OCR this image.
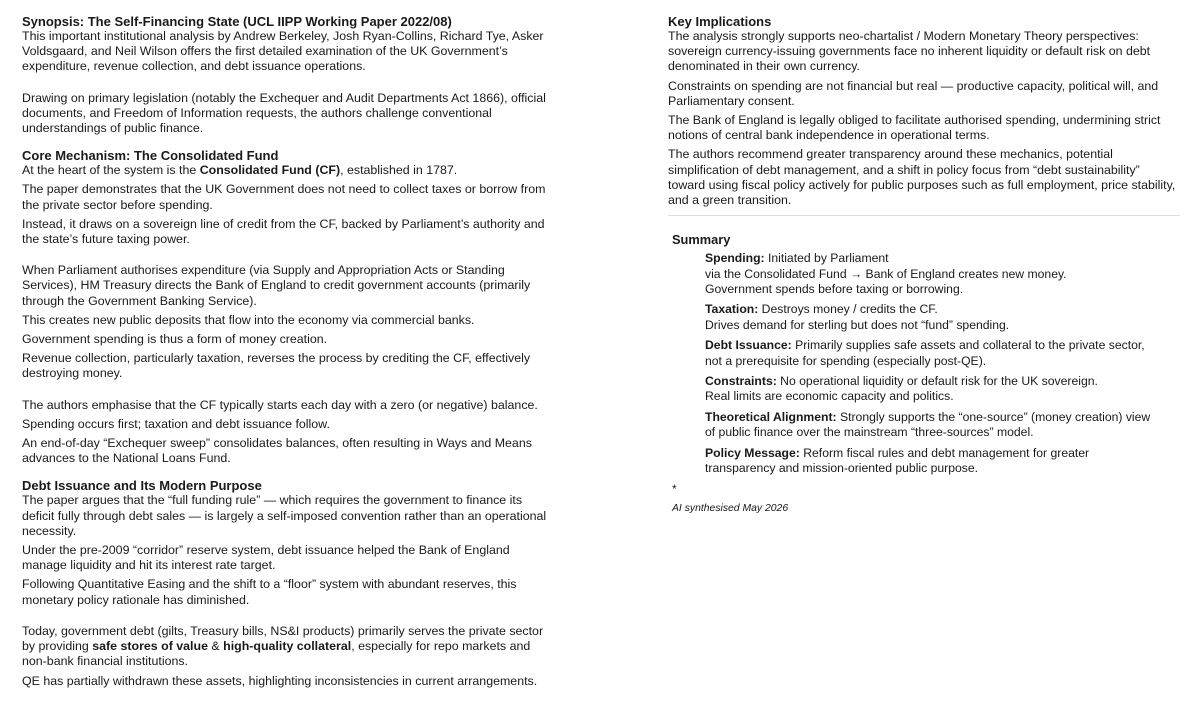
Synopsis: The Self-Financing State (UCL IIPP Working Paper 2022/08)

This important institutional analysis by Andrew Berkeley, Josh Ryan-Collins, Richard Tye, Asker Voldsgaard, and Neil Wilson offers the first detailed examination of the UK Government’s expenditure, revenue collection, and debt issuance operations.

Drawing on primary legislation (notably the Exchequer and Audit Departments Act 1866), official documents, and Freedom of Information requests, the authors challenge conventional understandings of public finance.

Core Mechanism: The Consolidated Fund

At the heart of the system is the Consolidated Fund (CF), established in 1787.

The paper demonstrates that the UK Government does not need to collect taxes or borrow from the private sector before spending.

Instead, it draws on a sovereign line of credit from the CF, backed by Parliament’s authority and the state’s future taxing power.

When Parliament authorises expenditure (via Supply and Appropriation Acts or Standing Services), HM Treasury directs the Bank of England to credit government accounts (primarily through the Government Banking Service).

This creates new public deposits that flow into the economy via commercial banks.

Government spending is thus a form of money creation.

Revenue collection, particularly taxation, reverses the process by crediting the CF, effectively destroying money.

The authors emphasise that the CF typically starts each day with a zero (or negative) balance.

Spending occurs first; taxation and debt issuance follow.

An end-of-day “Exchequer sweep” consolidates balances, often resulting in Ways and Means advances to the National Loans Fund.

Debt Issuance and Its Modern Purpose

The paper argues that the “full funding rule” — which requires the government to finance its deficit fully through debt sales — is largely a self-imposed convention rather than an operational necessity.

Under the pre-2009 “corridor” reserve system, debt issuance helped the Bank of England manage liquidity and hit its interest rate target.

Following Quantitative Easing and the shift to a “floor” system with abundant reserves, this monetary policy rationale has diminished.

Today, government debt (gilts, Treasury bills, NS&I products) primarily serves the private sector by providing safe stores of value & high-quality collateral, especially for repo markets and non-bank financial institutions.

QE has partially withdrawn these assets, highlighting inconsistencies in current arrangements.

Key Implications

The analysis strongly supports neo-chartalist / Modern Monetary Theory perspectives: sovereign currency-issuing governments face no inherent liquidity or default risk on debt denominated in their own currency.

Constraints on spending are not financial but real — productive capacity, political will, and Parliamentary consent.

The Bank of England is legally obliged to facilitate authorised spending, undermining strict notions of central bank independence in operational terms.

The authors recommend greater transparency around these mechanics, potential simplification of debt management, and a shift in policy focus from “debt sustainability” toward using fiscal policy actively for public purposes such as full employment, price stability, and a green transition.

Summary

Spending: Initiated by Parliament
via the Consolidated Fund → Bank of England creates new money.
Government spends before taxing or borrowing.
Taxation: Destroys money / credits the CF.
Drives demand for sterling but does not “fund” spending.
Debt Issuance: Primarily supplies safe assets and collateral to the private sector,
not a prerequisite for spending (especially post-QE).
Constraints: No operational liquidity or default risk for the UK sovereign.
Real limits are economic capacity and politics.
Theoretical Alignment: Strongly supports the “one-source” (money creation) view
of public finance over the mainstream “three-sources” model.
Policy Message: Reform fiscal rules and debt management for greater
transparency and mission-oriented public purpose.

*

AI synthesised May 2026
